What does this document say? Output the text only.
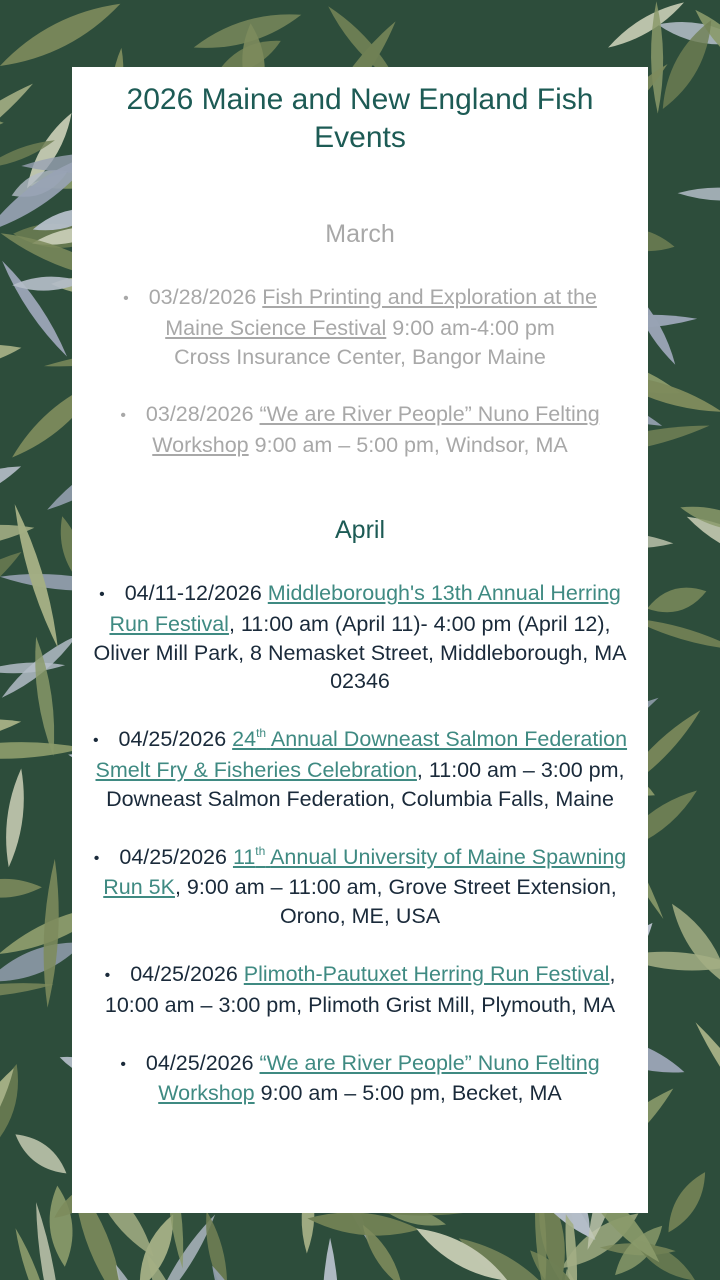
2026 Maine and New England Fish Events
March
• 03/28/2026 Fish Printing and Exploration at the Maine Science Festival 9:00 am-4:00 pm
Cross Insurance Center, Bangor Maine
• 03/28/2026 “We are River People” Nuno Felting Workshop 9:00 am – 5:00 pm, Windsor, MA
April
• 04/11-12/2026 Middleborough's 13th Annual Herring Run Festival, 11:00 am (April 11)- 4:00 pm (April 12), Oliver Mill Park, 8 Nemasket Street, Middleborough, MA 02346
• 04/25/2026 24th Annual Downeast Salmon Federation Smelt Fry & Fisheries Celebration, 11:00 am – 3:00 pm, Downeast Salmon Federation, Columbia Falls, Maine
• 04/25/2026 11th Annual University of Maine Spawning Run 5K, 9:00 am – 11:00 am, Grove Street Extension, Orono, ME, USA
• 04/25/2026 Plimoth-Pautuxet Herring Run Festival, 10:00 am – 3:00 pm, Plimoth Grist Mill, Plymouth, MA
• 04/25/2026 “We are River People” Nuno Felting Workshop 9:00 am – 5:00 pm, Becket, MA
